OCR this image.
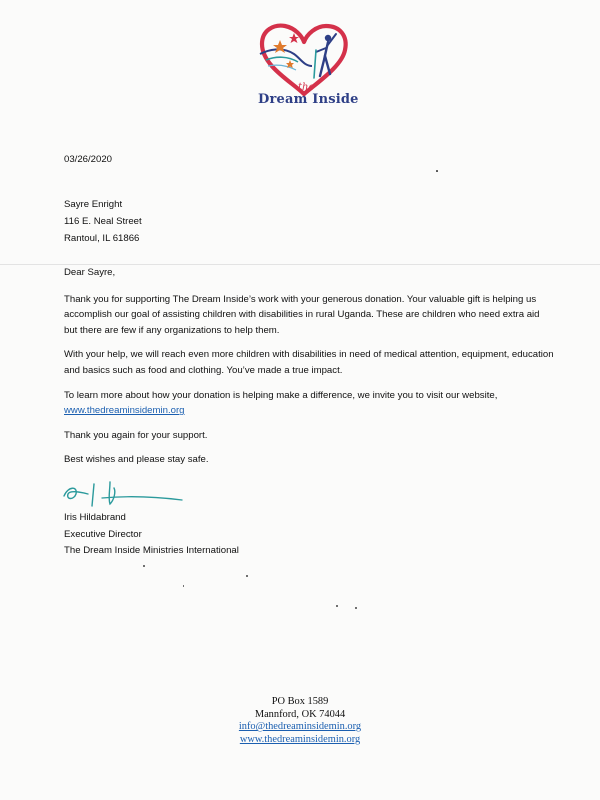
the
Dream Inside
03/26/2020
Sayre Enright
116 E. Neal Street
Rantoul, IL 61866

Dear Sayre,

Thank you for supporting The Dream Inside’s work with your generous donation. Your valuable gift is helping us accomplish our goal of assisting children with disabilities in rural Uganda. These are children who need extra aid but there are few if any organizations to help them.

With your help, we will reach even more children with disabilities in need of medical attention, equipment, education and basics such as food and clothing. You’ve made a true impact.

To learn more about how your donation is helping make a difference, we invite you to visit our website,
www.thedreaminsidemin.org

Thank you again for your support.

Best wishes and please stay safe.

Iris Hildabrand
Executive Director
The Dream Inside Ministries International
PO Box 1589
Mannford, OK 74044
info@thedreaminsidemin.org
www.thedreaminsidemin.org
